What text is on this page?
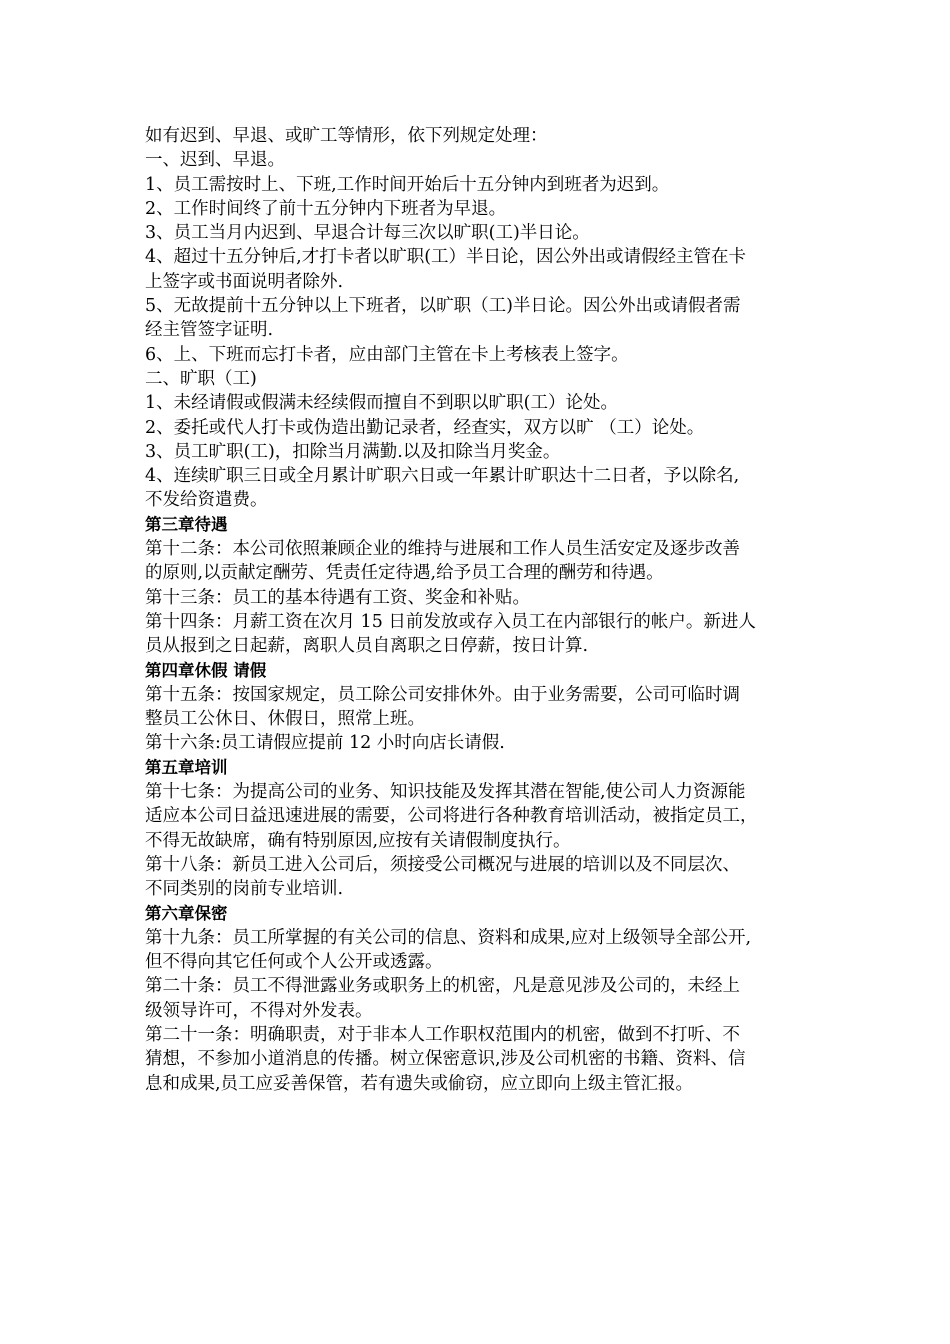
如有迟到、早退、或旷工等情形，依下列规定处理：

一、迟到、早退。

1、员工需按时上、下班,工作时间开始后十五分钟内到班者为迟到。

2、工作时间终了前十五分钟内下班者为早退。

3、员工当月内迟到、早退合计每三次以旷职(工)半日论。

4、超过十五分钟后,才打卡者以旷职(工）半日论，因公外出或请假经主管在卡
上签字或书面说明者除外.

5、无故提前十五分钟以上下班者，以旷职（工)半日论。因公外出或请假者需
经主管签字证明.

6、上、下班而忘打卡者，应由部门主管在卡上考核表上签字。

二、旷职（工)

1、未经请假或假满未经续假而擅自不到职以旷职(工）论处。

2、委托或代人打卡或伪造出勤记录者，经查实，双方以旷 （工）论处。

3、员工旷职(工)，扣除当月满勤.以及扣除当月奖金。

4、连续旷职三日或全月累计旷职六日或一年累计旷职达十二日者，予以除名,
不发给资遣费。

第三章待遇

第十二条：本公司依照兼顾企业的维持与进展和工作人员生活安定及逐步改善
的原则,以贡献定酬劳、凭责任定待遇,给予员工合理的酬劳和待遇。

第十三条：员工的基本待遇有工资、奖金和补贴。

第十四条：月薪工资在次月 15 日前发放或存入员工在内部银行的帐户。新进人
员从报到之日起薪，离职人员自离职之日停薪，按日计算.

第四章休假 请假

第十五条：按国家规定，员工除公司安排休外。由于业务需要，公司可临时调
整员工公休日、休假日，照常上班。

第十六条:员工请假应提前 12 小时向店长请假.

第五章培训

第十七条：为提高公司的业务、知识技能及发挥其潜在智能,使公司人力资源能
适应本公司日益迅速进展的需要，公司将进行各种教育培训活动，被指定员工，
不得无故缺席，确有特别原因,应按有关请假制度执行。

第十八条：新员工进入公司后，须接受公司概况与进展的培训以及不同层次、
不同类别的岗前专业培训.

第六章保密

第十九条：员工所掌握的有关公司的信息、资料和成果,应对上级领导全部公开,
但不得向其它任何或个人公开或透露。

第二十条：员工不得泄露业务或职务上的机密，凡是意见涉及公司的，未经上
级领导许可，不得对外发表。

第二十一条：明确职责，对于非本人工作职权范围内的机密，做到不打听、不
猜想，不参加小道消息的传播。树立保密意识,涉及公司机密的书籍、资料、信
息和成果,员工应妥善保管，若有遗失或偷窃，应立即向上级主管汇报。
